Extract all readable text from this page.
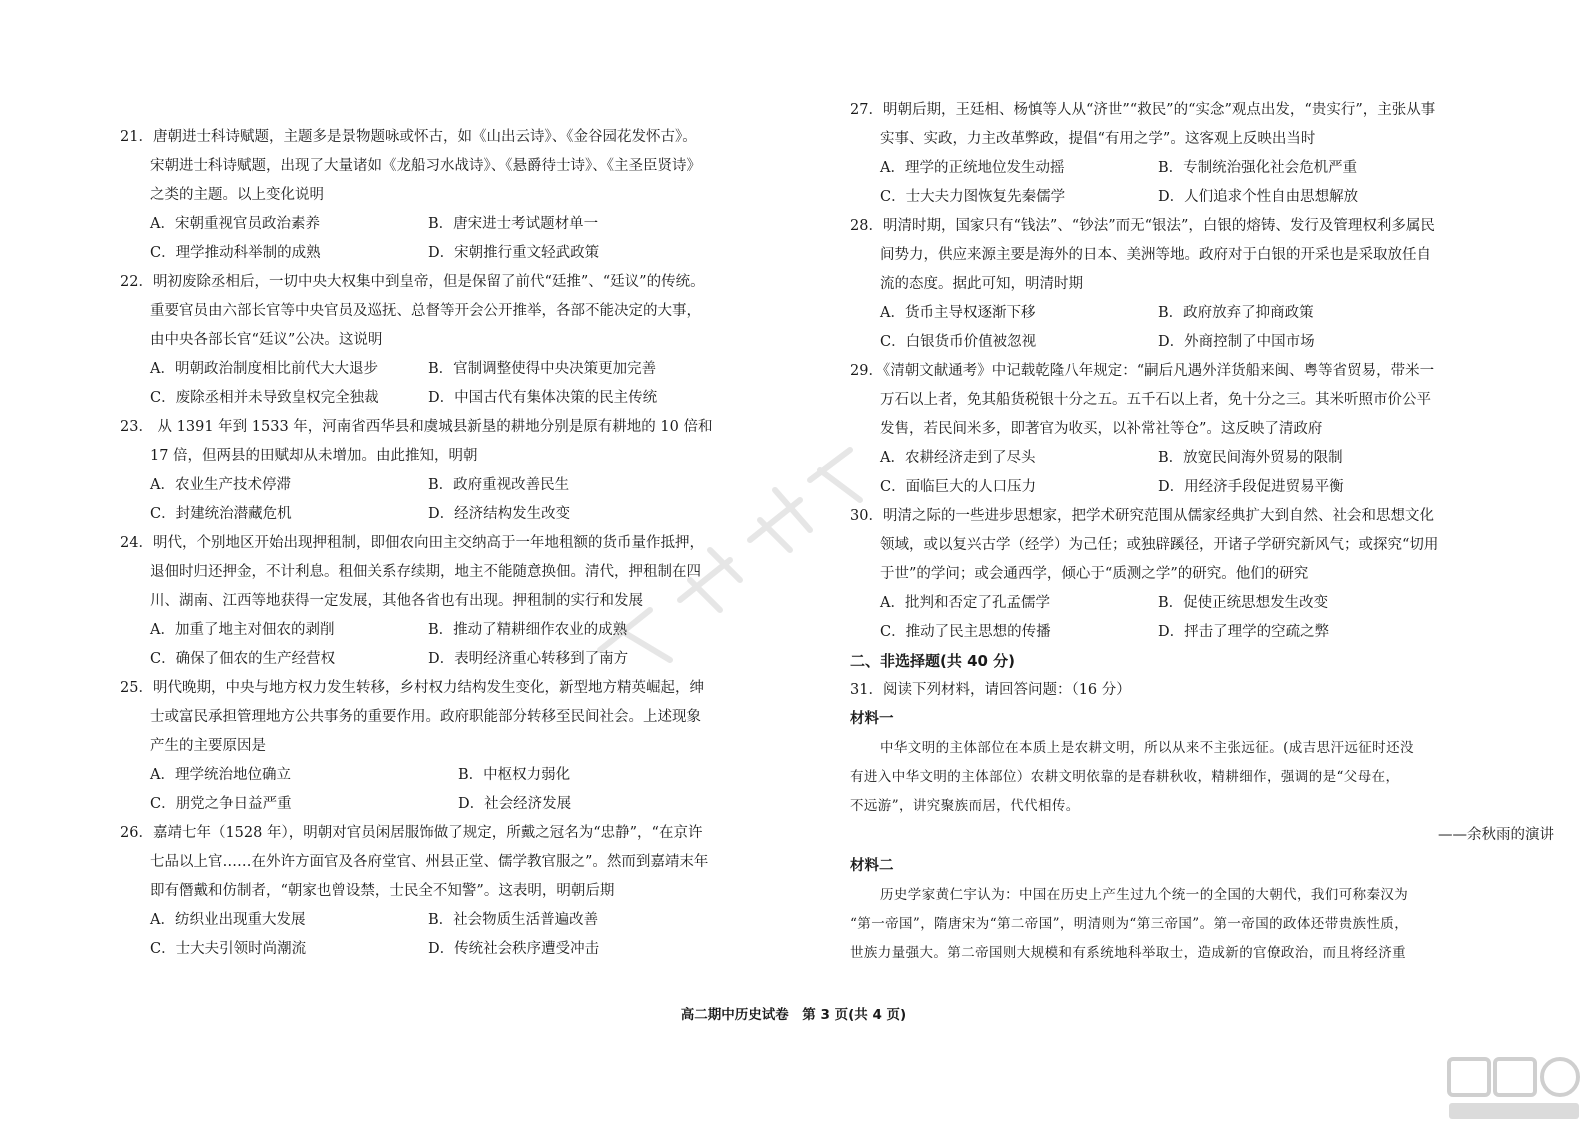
21．唐朝进士科诗赋题，主题多是景物题咏或怀古，如《山出云诗》、《金谷园花发怀古》。
宋朝进士科诗赋题，出现了大量诸如《龙船习水战诗》、《悬爵待士诗》、《主圣臣贤诗》
之类的主题。以上变化说明
A．宋朝重视官员政治素养	B．唐宋进士考试题材单一
C．理学推动科举制的成熟	D．宋朝推行重文轻武政策
22．明初废除丞相后，一切中央大权集中到皇帝，但是保留了前代“廷推”、“廷议”的传统。
重要官员由六部长官等中央官员及巡抚、总督等开会公开推举，各部不能决定的大事，
由中央各部长官“廷议”公决。这说明
A．明朝政治制度相比前代大大退步	B．官制调整使得中央决策更加完善
C．废除丞相并未导致皇权完全独裁	D．中国古代有集体决策的民主传统
23． 从 1391 年到 1533 年，河南省西华县和虞城县新垦的耕地分别是原有耕地的 10 倍和
17 倍，但两县的田赋却从未增加。由此推知，明朝
A．农业生产技术停滞	B．政府重视改善民生
C．封建统治潜藏危机	D．经济结构发生改变
24．明代，个别地区开始出现押租制，即佃农向田主交纳高于一年地租额的货币量作抵押，
退佃时归还押金，不计利息。租佃关系存续期，地主不能随意换佃。清代，押租制在四
川、湖南、江西等地获得一定发展，其他各省也有出现。押租制的实行和发展
A．加重了地主对佃农的剥削	B．推动了精耕细作农业的成熟
C．确保了佃农的生产经营权	D．表明经济重心转移到了南方
25．明代晚期，中央与地方权力发生转移，乡村权力结构发生变化，新型地方精英崛起，绅
士或富民承担管理地方公共事务的重要作用。政府职能部分转移至民间社会。上述现象
产生的主要原因是
A．理学统治地位确立	B．中枢权力弱化
C．朋党之争日益严重	D．社会经济发展
26．嘉靖七年（1528 年），明朝对官员闲居服饰做了规定，所戴之冠名为“忠静”，“在京许
七品以上官……在外许方面官及各府堂官、州县正堂、儒学教官服之”。然而到嘉靖末年
即有僭戴和仿制者，“朝家也曾设禁，士民全不知警”。这表明，明朝后期
A．纺织业出现重大发展	B．社会物质生活普遍改善
C．士大夫引领时尚潮流	D．传统社会秩序遭受冲击
27．明朝后期，王廷相、杨慎等人从“济世”“救民”的“实念”观点出发，“贵实行”，主张从事
实事、实政，力主改革弊政，提倡“有用之学”。这客观上反映出当时
A．理学的正统地位发生动摇	B．专制统治强化社会危机严重
C．士大夫力图恢复先秦儒学	D．人们追求个性自由思想解放
28．明清时期，国家只有“钱法”、“钞法”而无“银法”，白银的熔铸、发行及管理权利多属民
间势力，供应来源主要是海外的日本、美洲等地。政府对于白银的开采也是采取放任自
流的态度。据此可知，明清时期
A．货币主导权逐渐下移	B．政府放弃了抑商政策
C．白银货币价值被忽视	D．外商控制了中国市场
29．《清朝文献通考》中记载乾隆八年规定：“嗣后凡遇外洋货船来闽、粤等省贸易，带米一
万石以上者，免其船货税银十分之五。五千石以上者，免十分之三。其米听照市价公平
发售，若民间米多，即著官为收买，以补常社等仓”。这反映了清政府
A．农耕经济走到了尽头	B．放宽民间海外贸易的限制
C．面临巨大的人口压力	D．用经济手段促进贸易平衡
30．明清之际的一些进步思想家，把学术研究范围从儒家经典扩大到自然、社会和思想文化
领域，或以复兴古学（经学）为己任；或独辟蹊径，开诸子学研究新风气；或探究“切用
于世”的学问；或会通西学，倾心于“质测之学”的研究。他们的研究
A．批判和否定了孔孟儒学	B．促使正统思想发生改变
C．推动了民主思想的传播	D．抨击了理学的空疏之弊
二、非选择题(共 40 分)
31．阅读下列材料，请回答问题：（16 分）
材料一
中华文明的主体部位在本质上是农耕文明，所以从来不主张远征。(成吉思汗远征时还没
有进入中华文明的主体部位）农耕文明依靠的是春耕秋收，精耕细作，强调的是“父母在，
不远游”，讲究聚族而居，代代相传。
——余秋雨的演讲
材料二
历史学家黄仁宇认为：中国在历史上产生过九个统一的全国的大朝代，我们可称秦汉为
“第一帝国”，隋唐宋为“第二帝国”，明清则为“第三帝国”。第一帝国的政体还带贵族性质，
世族力量强大。第二帝国则大规模和有系统地科举取士，造成新的官僚政治，而且将经济重
高二期中历史试卷　第 3 页(共 4 页)
